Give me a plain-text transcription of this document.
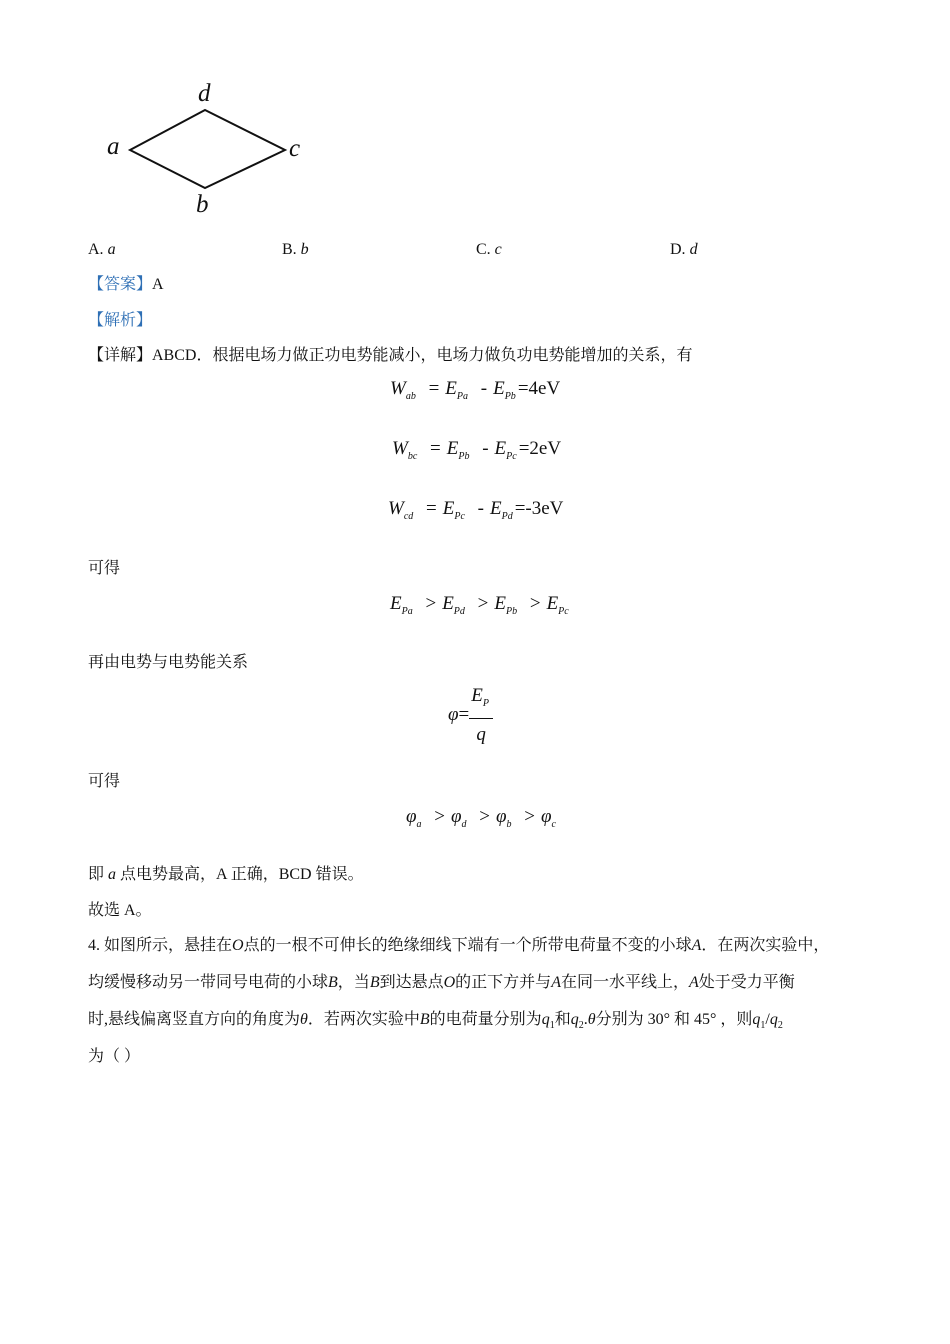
d
a	c
b
A. a	B. b	C. c	D. d
【答案】A
【解析】
【详解】ABCD．根据电场力做正功电势能减小，电场力做负功电势能增加的关系，有
$W_{ab} = E_{Pa} - E_{Pb} =4eV$
$W_{bc} = E_{Pb} - E_{Pc} =2eV$
$W_{cd} = E_{Pc} - E_{Pd} =-3eV$
可得
$E_{Pa} > E_{Pd} > E_{Pb} > E_{Pc}$
再由电势与电势能关系
$\varphi= \frac{E_P}{q}$
可得
$\varphi_a > \varphi_d > \varphi_b > \varphi_c$
即 a 点电势最高，A 正确，BCD 错误。
故选 A。
4. 如图所示，悬挂在O点的一根不可伸长的绝缘细线下端有一个所带电荷量不变的小球A．在两次实验中，
均缓慢移动另一带同号电荷的小球B，当B到达悬点O的正下方并与A在同一水平线上，A处于受力平衡
时,悬线偏离竖直方向的角度为θ．若两次实验中B的电荷量分别为$q_1$和$q_2.\theta$分别为 30° 和 45° ，则$q_1/q_2$
为（ ）
